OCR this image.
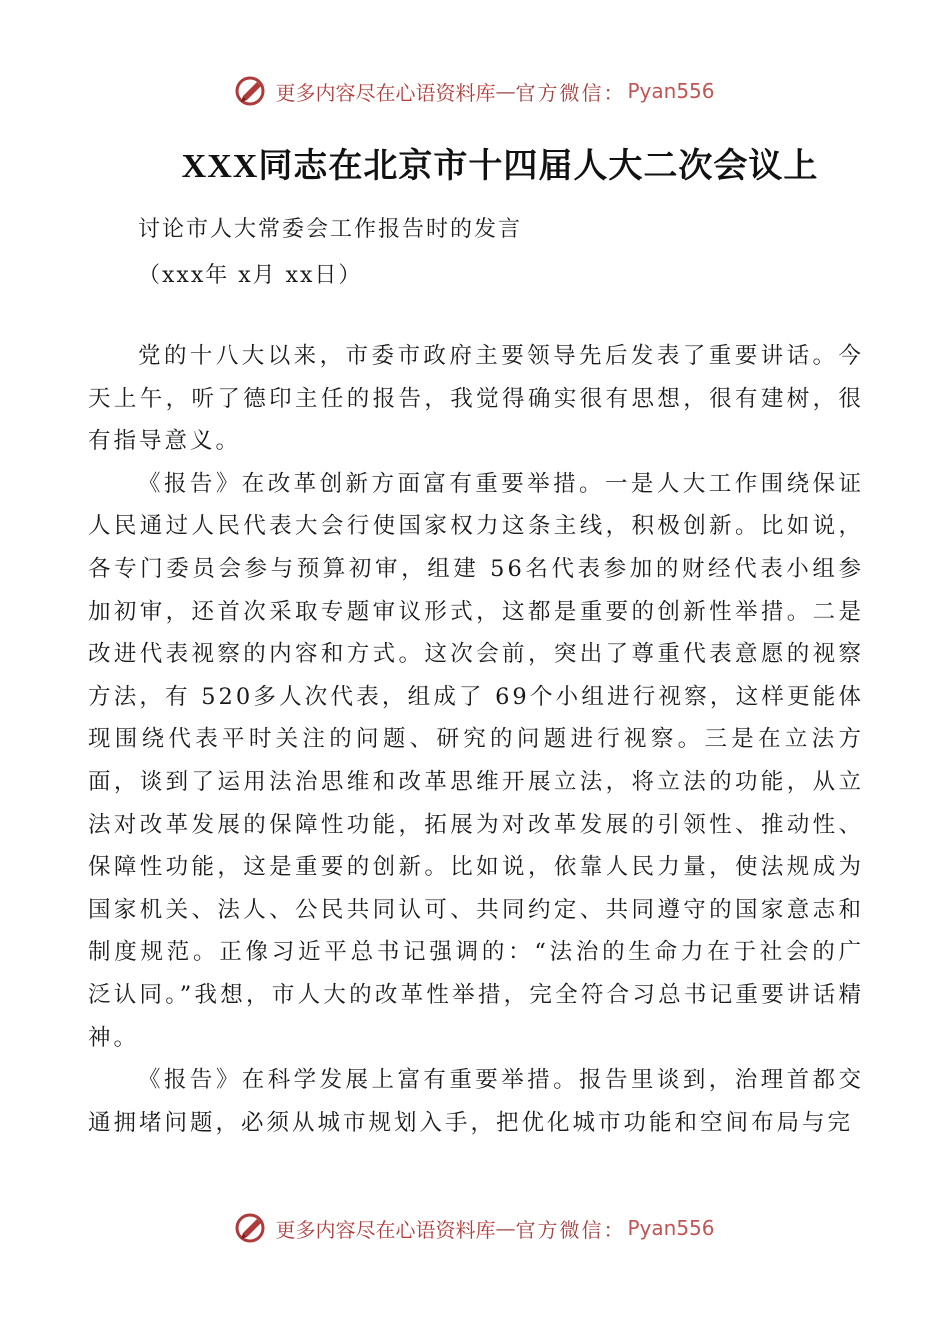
更多内容尽在心语资料库 — 官方微信： Pyan556
XXX同志在北京市十四届人大二次会议上
讨论市人大常委会工作报告时的发言
（xxx年 x月 xx日）

党的十八大以来，市委市政府主要领导先后发表了重要讲话。今天上午，听了德印主任的报告，我觉得确实很有思想，很有建树，很有指导意义。

《报告》在改革创新方面富有重要举措。一是人大工作围绕保证人民通过人民代表大会行使国家权力这条主线，积极创新。比如说，各专门委员会参与预算初审，组建 56名代表参加的财经代表小组参加初审，还首次采取专题审议形式，这都是重要的创新性举措。二是改进代表视察的内容和方式。这次会前，突出了尊重代表意愿的视察方法，有 520多人次代表，组成了 69个小组进行视察，这样更能体现围绕代表平时关注的问题、研究的问题进行视察。三是在立法方面，谈到了运用法治思维和改革思维开展立法，将立法的功能，从立法对改革发展的保障性功能，拓展为对改革发展的引领性、推动性、保障性功能，这是重要的创新。比如说，依靠人民力量，使法规成为国家机关、法人、公民共同认可、共同约定、共同遵守的国家意志和制度规范。正像习近平总书记强调的：“法治的生命力在于社会的广泛认同。”我想，市人大的改革性举措，完全符合习总书记重要讲话精神。

《报告》在科学发展上富有重要举措。报告里谈到，治理首都交通拥堵问题，必须从城市规划入手，把优化城市功能和空间布局与完

更多内容尽在心语资料库 — 官方微信： Pyan556
